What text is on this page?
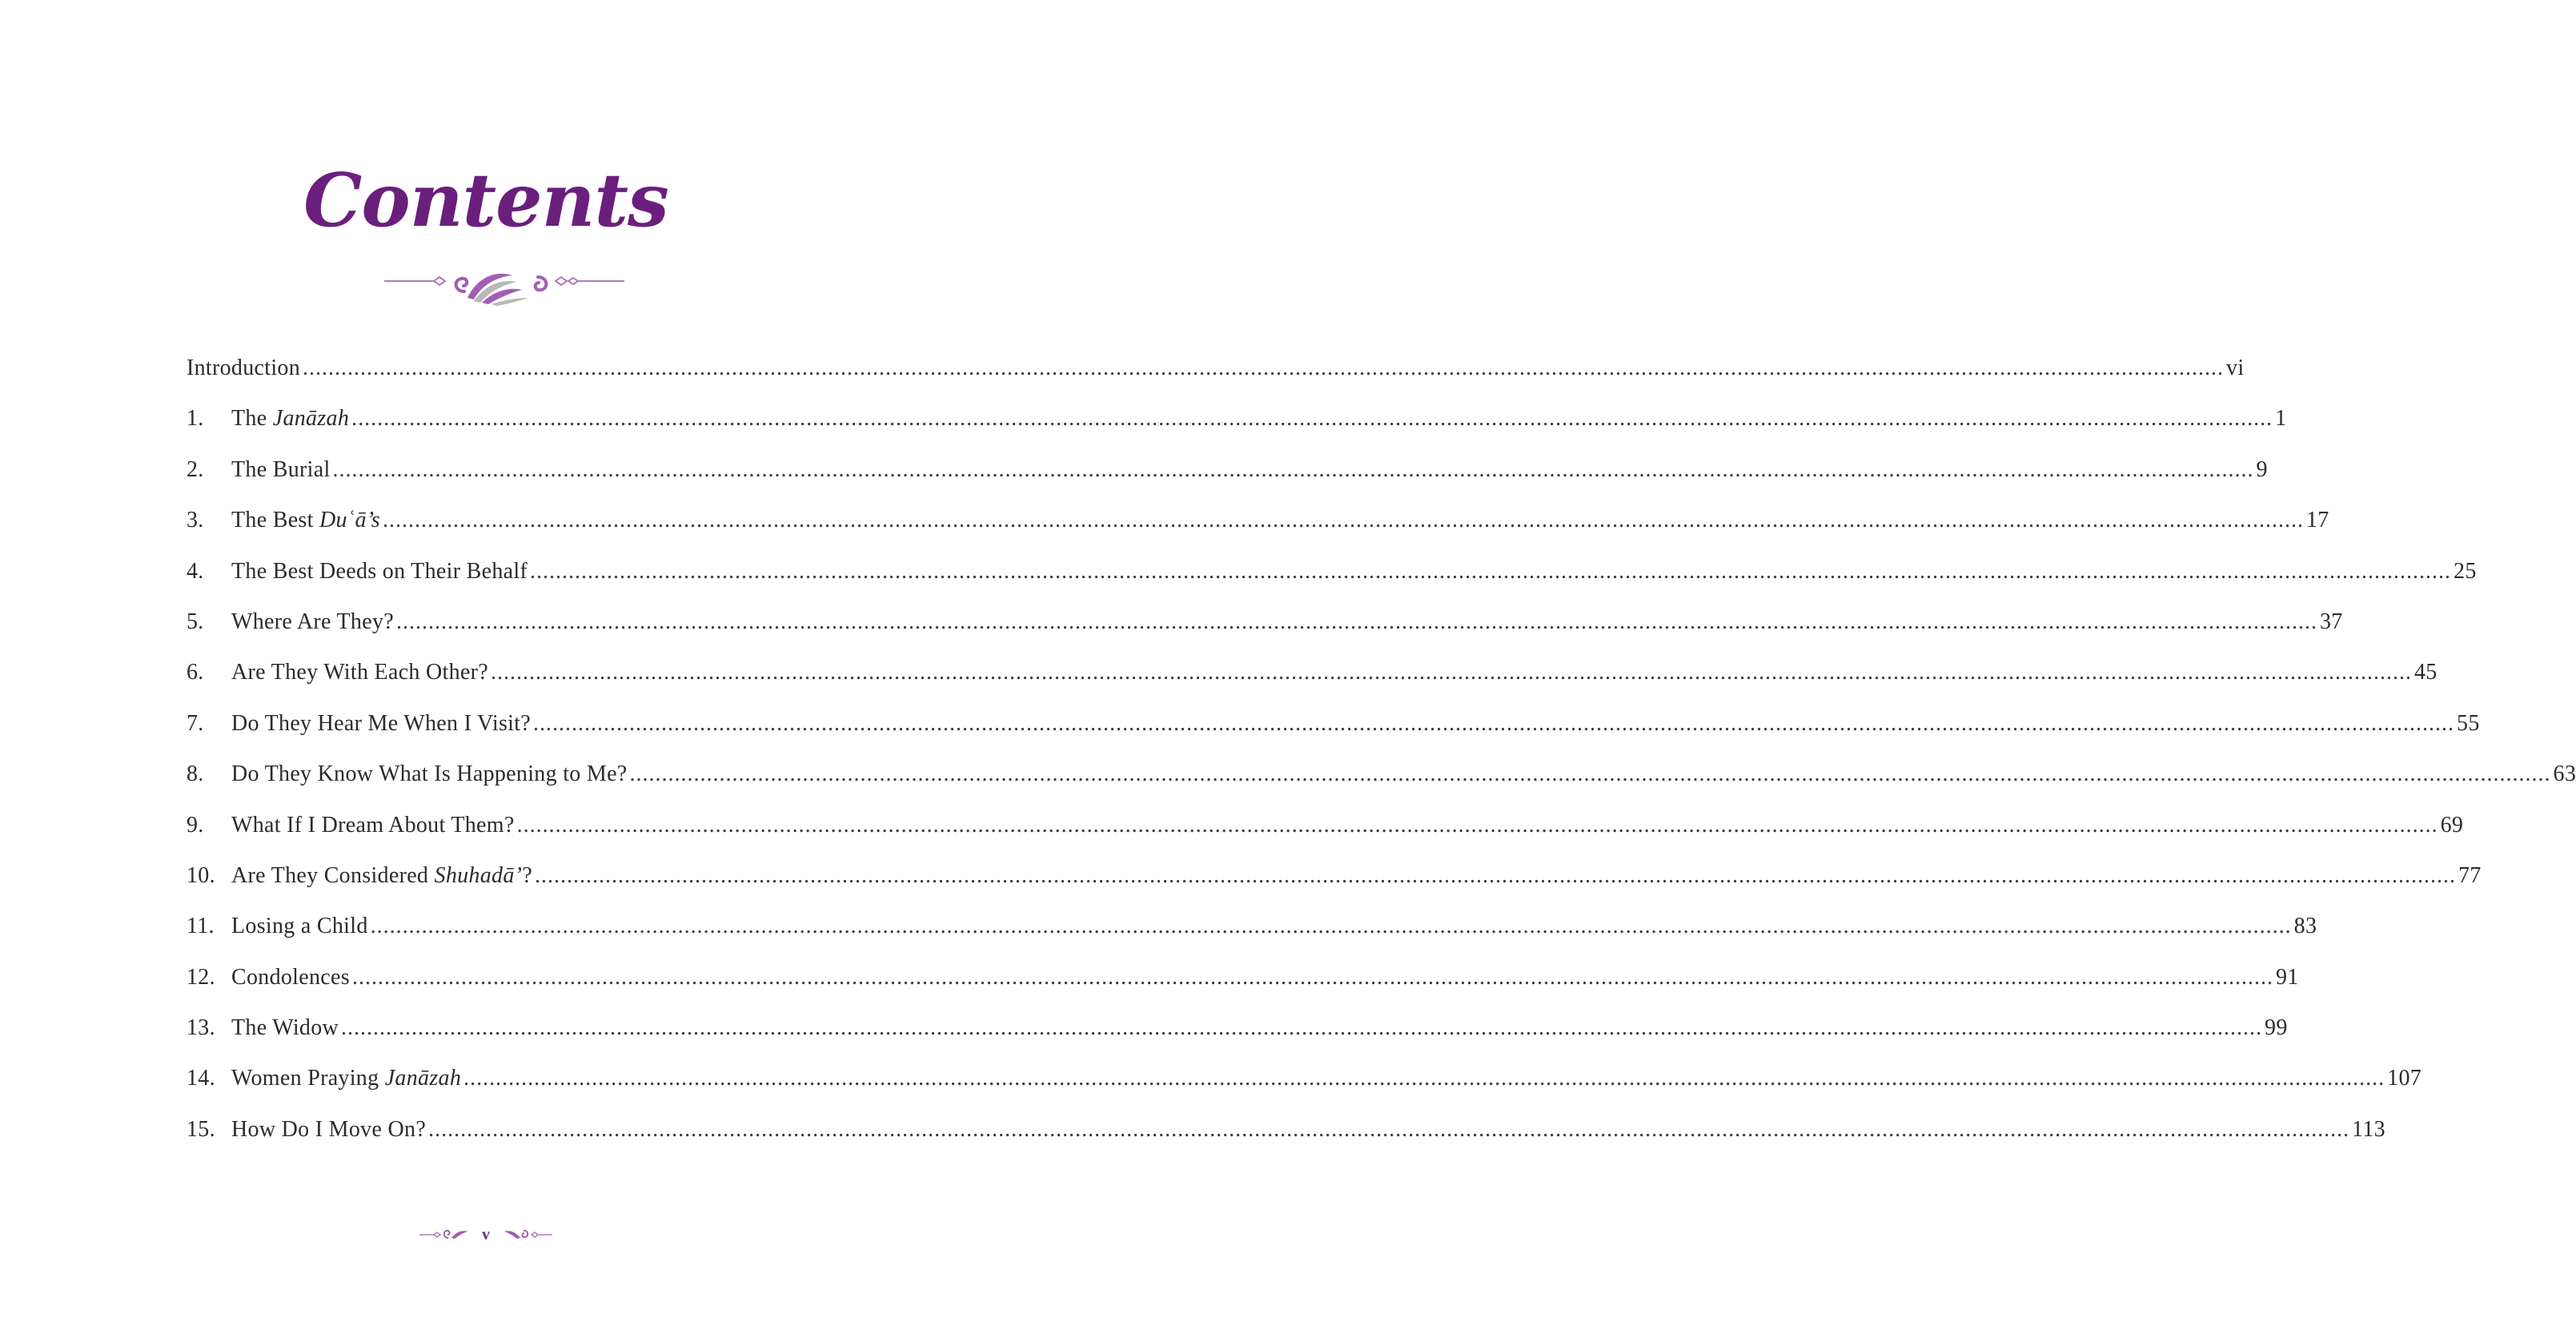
Contents
Introduction ............................................................................................................................................................................................................................................................................................................ vi
1.	The Janāzah ............................................................................................................................................................................................................................................................................................................ 1
2.	The Burial ............................................................................................................................................................................................................................................................................................................ 9
3.	The Best Duʿā’s ............................................................................................................................................................................................................................................................................................................ 17
4.	The Best Deeds on Their Behalf ............................................................................................................................................................................................................................................................................................................ 25
5.	Where Are They? ............................................................................................................................................................................................................................................................................................................ 37
6.	Are They With Each Other? ............................................................................................................................................................................................................................................................................................................ 45
7.	Do They Hear Me When I Visit? ............................................................................................................................................................................................................................................................................................................ 55
8.	Do They Know What Is Happening to Me? ............................................................................................................................................................................................................................................................................................................ 63
9.	What If I Dream About Them? ............................................................................................................................................................................................................................................................................................................ 69
10. Are They Considered Shuhadā’? ............................................................................................................................................................................................................................................................................................................ 77
11. Losing a Child ............................................................................................................................................................................................................................................................................................................ 83
12. Condolences ............................................................................................................................................................................................................................................................................................................ 91
13. The Widow ............................................................................................................................................................................................................................................................................................................ 99
14. Women Praying Janāzah ............................................................................................................................................................................................................................................................................................................ 107
15. How Do I Move On? ............................................................................................................................................................................................................................................................................................................ 113
v
